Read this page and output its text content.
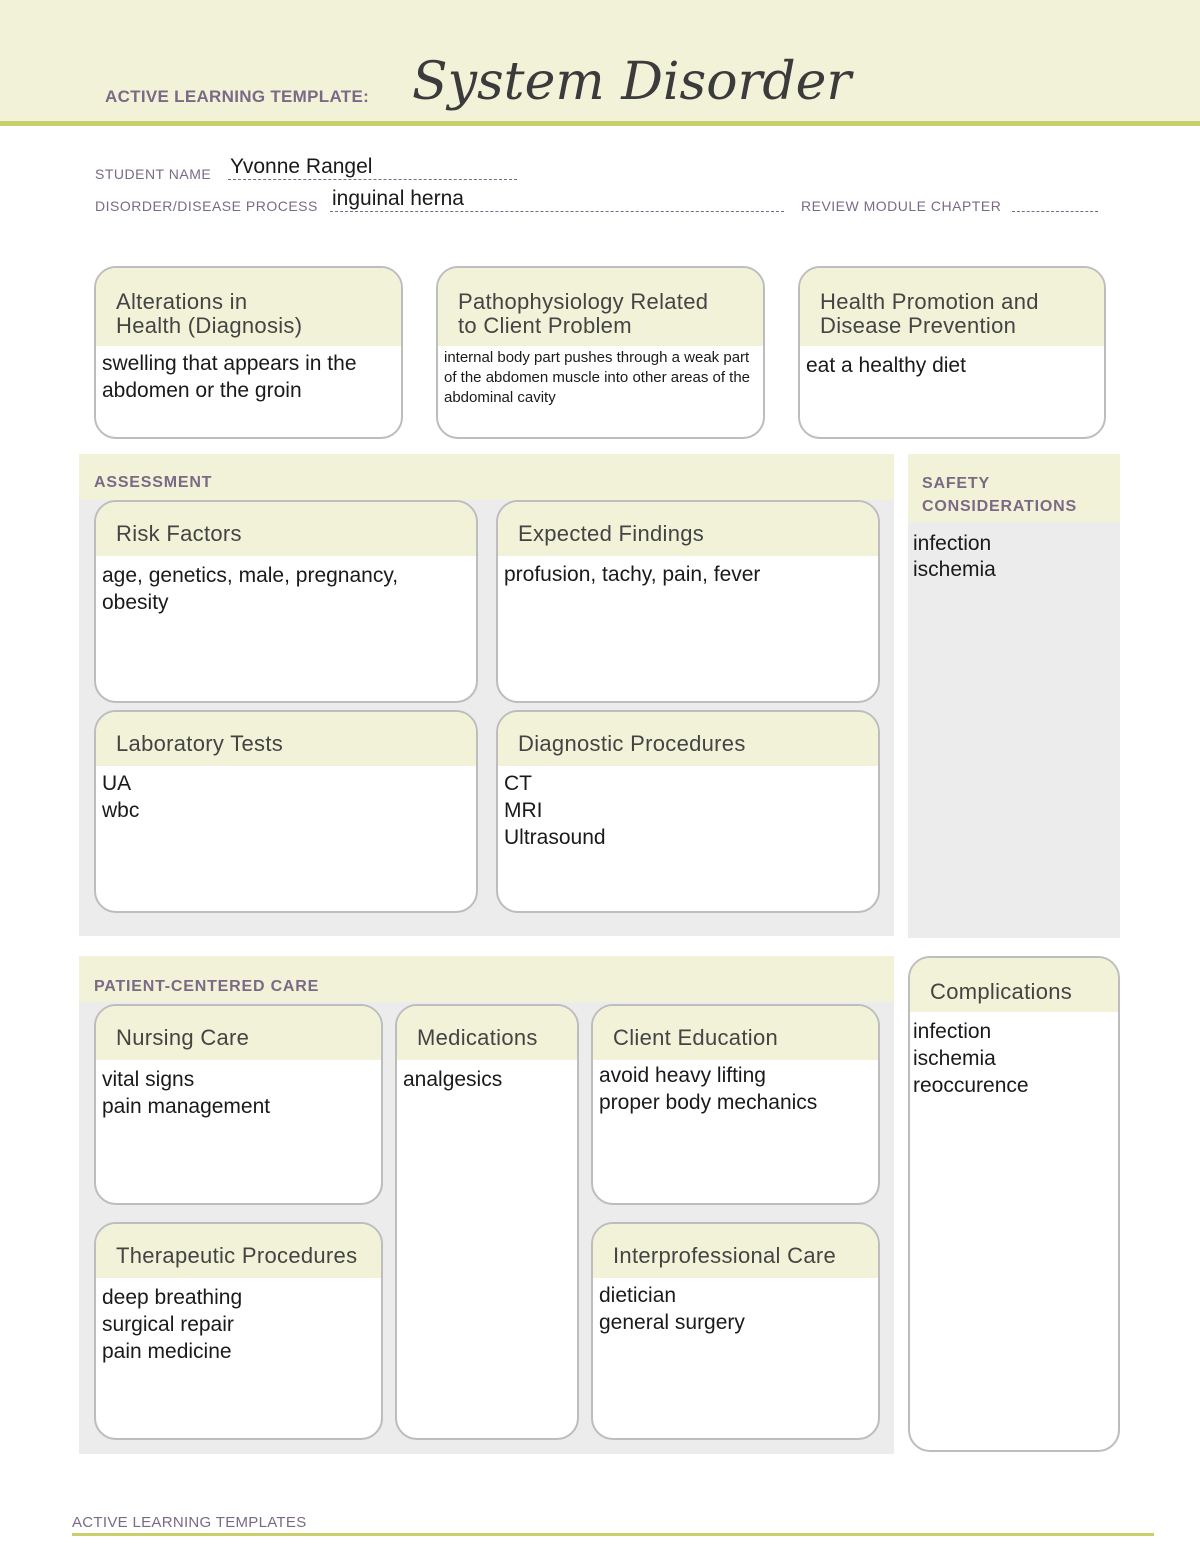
ACTIVE LEARNING TEMPLATE: System Disorder
STUDENT NAME Yvonne Rangel
DISORDER/DISEASE PROCESS inguinal herna	REVIEW MODULE CHAPTER
Alterations in
Health (Diagnosis)
swelling that appears in the abdomen or the groin
Pathophysiology Related
to Client Problem
internal body part pushes through a weak part of the abdomen muscle into other areas of the abdominal cavity
Health Promotion and
Disease Prevention
eat a healthy diet
ASSESSMENT
Risk Factors
age, genetics, male, pregnancy, obesity
Expected Findings
profusion, tachy, pain, fever
Laboratory Tests
UA
wbc
Diagnostic Procedures
CT
MRI
Ultrasound
SAFETY
CONSIDERATIONS
infection
ischemia
PATIENT-CENTERED CARE
Nursing Care
vital signs
pain management
Medications
analgesics
Client Education
avoid heavy lifting
proper body mechanics
Therapeutic Procedures
deep breathing
surgical repair
pain medicine
Interprofessional Care
dietician
general surgery
Complications
infection
ischemia
reoccurence
ACTIVE LEARNING TEMPLATES
